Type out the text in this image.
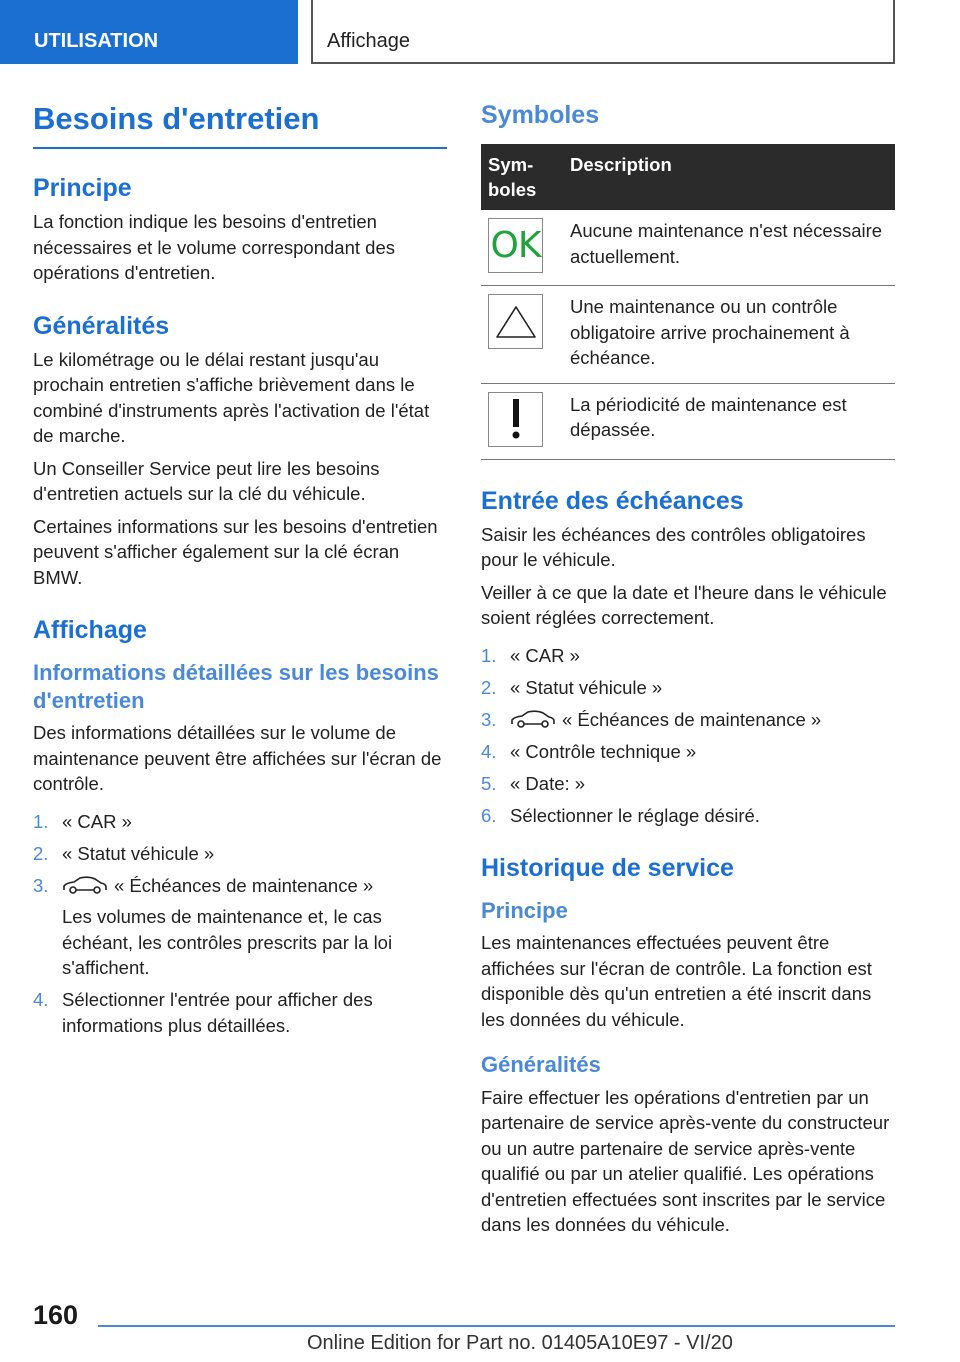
UTILISATION	Affichage
Besoins d'entretien
Principe

La fonction indique les besoins d'entretien nécessaires et le volume correspondant des opérations d'entretien.

Généralités

Le kilométrage ou le délai restant jusqu'au prochain entretien s'affiche brièvement dans le combiné d'instruments après l'activation de l'état de marche.

Un Conseiller Service peut lire les besoins d'entretien actuels sur la clé du véhicule.

Certaines informations sur les besoins d'entretien peuvent s'afficher également sur la clé écran BMW.

Affichage
Informations détaillées sur les besoins d'entretien

Des informations détaillées sur le volume de maintenance peuvent être affichées sur l'écran de contrôle.

1. « CAR »
2. « Statut véhicule »
3.	« Échéances de maintenance »
Les volumes de maintenance et, le cas échéant, les contrôles prescrits par la loi s'affichent.
4. Sélectionner l'entrée pour afficher des informations plus détaillées.
Symboles
Sym-
boles	Description

OK	Aucune maintenance n'est nécessaire actuellement.

	Une maintenance ou un contrôle obligatoire arrive prochainement à échéance.

	La périodicité de maintenance est dépassée.
Entrée des échéances

Saisir les échéances des contrôles obligatoires pour le véhicule.

Veiller à ce que la date et l'heure dans le véhicule soient réglées correctement.

1. « CAR »
2. « Statut véhicule »
3.	« Échéances de maintenance »
4. « Contrôle technique »
5. « Date: »
6. Sélectionner le réglage désiré.
Historique de service
Principe

Les maintenances effectuées peuvent être affichées sur l'écran de contrôle. La fonction est disponible dès qu'un entretien a été inscrit dans les données du véhicule.

Généralités

Faire effectuer les opérations d'entretien par un partenaire de service après-vente du constructeur ou un autre partenaire de service après-vente qualifié ou par un atelier qualifié. Les opérations d'entretien effectuées sont inscrites par le service dans les données du véhicule.

160
Online Edition for Part no. 01405A10E97 - VI/20
